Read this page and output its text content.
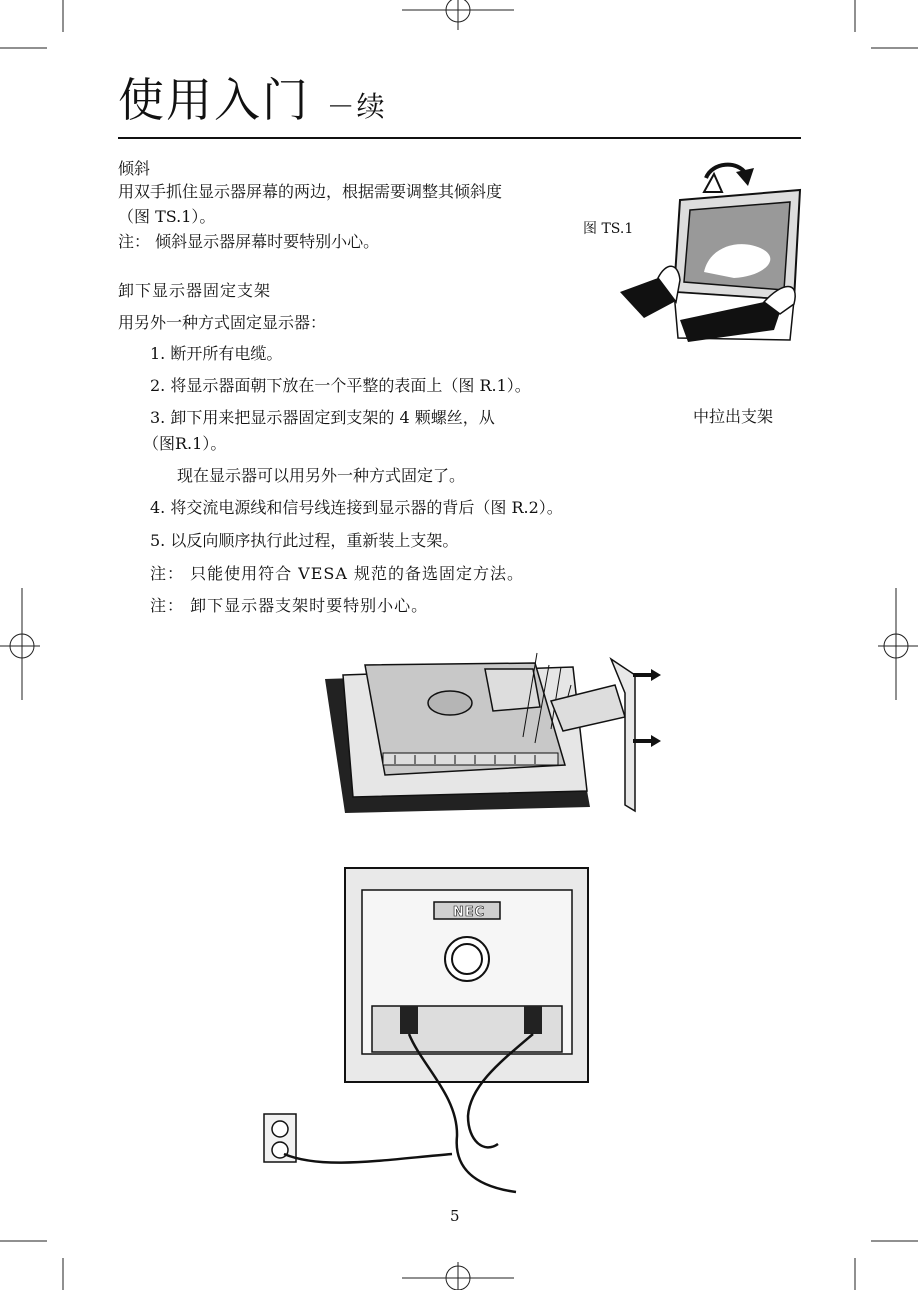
使用入门 －续
倾斜
用双手抓住显示器屏幕的两边，根据需要调整其倾斜度
（图 TS.1）。
注： 倾斜显示器屏幕时要特别小心。
图 TS.1
卸下显示器固定支架
用另外一种方式固定显示器：
1. 断开所有电缆。
2. 将显示器面朝下放在一个平整的表面上（图 R.1）。
3. 卸下用来把显示器固定到支架的 4 颗螺丝，从	中拉出支架
（图R.1）。
现在显示器可以用另外一种方式固定了。
4. 将交流电源线和信号线连接到显示器的背后（图 R.2）。
5. 以反向顺序执行此过程，重新装上支架。
注： 只能使用符合 VESA 规范的备选固定方法。
注： 卸下显示器支架时要特别小心。
NEC
5
